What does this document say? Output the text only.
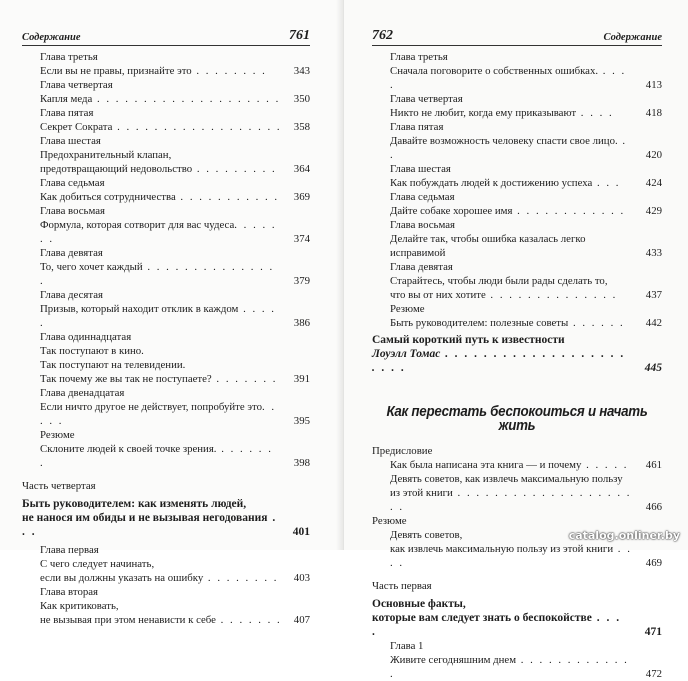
Содержание	761
Глава третья
Если вы не правы, признайте это . . . . . . . . 343
Глава четвертая
Капля меда . . . . . . . . . . . . . . . . . . . . 350
Глава пятая
Секрет Сократа . . . . . . . . . . . . . . . . . . 358
Глава шестая
Предохранительный клапан,
предотвращающий недовольство . . . . . . . . . 364
Глава седьмая
Как добиться сотрудничества . . . . . . . . . . . 369
Глава восьмая
Формула, которая сотворит для вас чудеса. . . . . . .	374
Глава девятая
То, чего хочет каждый . . . . . . . . . . . . . . .	379
Глава десятая
Призыв, который находит отклик в каждом . . . . .	386
Глава одиннадцатая
Так поступают в кино.
Так поступают на телевидении.
Так почему же вы так не поступаете? . . . . . . . 391
Глава двенадцатая
Если ничто другое не действует, попробуйте это. . . . .	395
Резюме
Склоните людей к своей точке зрения. . . . . . . .	398
Часть четвертая
Быть руководителем: как изменять людей,
не нанося им обиды и не вызывая негодования . . .	401
Глава первая
С чего следует начинать,
если вы должны указать на ошибку . . . . . . . . 403
Глава вторая
Как критиковать,
не вызывая при этом ненависти к себе . . . . . . . 407
762	Содержание
Глава третья
Сначала поговорите о собственных ошибках. . . . .	413
Глава четвертая
Никто не любит, когда ему приказывают . . . .	418
Глава пятая
Давайте возможность человеку спасти свое лицо. . .	420
Глава шестая
Как побуждать людей к достижению успеха . . . 424
Глава седьмая
Дайте собаке хорошее имя . . . . . . . . . . . . 429
Глава восьмая
Делайте так, чтобы ошибка казалась легко исправимой	433
Глава девятая
Старайтесь, чтобы люди были рады сделать то,
что вы от них хотите . . . . . . . . . . . . . .	437
Резюме
Быть руководителем: полезные советы . . . . . . 442
Самый короткий путь к известности
Лоуэлл Томас . . . . . . . . . . . . . . . . . . . . . . .	445
Как перестать беспокоиться и начать жить
Предисловие
Как была написана эта книга — и почему . . . . . 461
Девять советов, как извлечь максимальную пользу
из этой книги . . . . . . . . . . . . . . . . . . . . .	466
Резюме
Девять советов,
как извлечь максимальную пользу из этой книги . . . .	469
Часть первая
Основные факты,
которые вам следует знать о беспокойстве . . . .	471
Глава 1
Живите сегодняшним днем . . . . . . . . . . . . .	472
catalog.onliner.by
